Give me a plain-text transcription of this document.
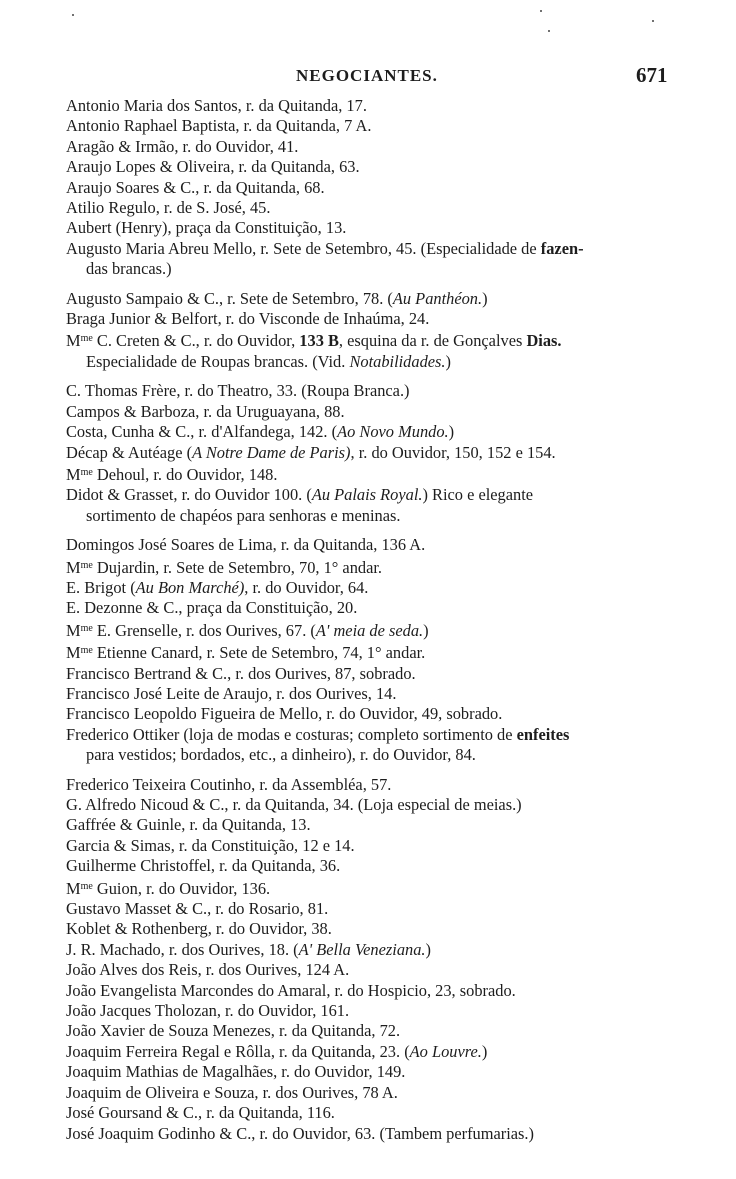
NEGOCIANTES.	671
Antonio Maria dos Santos, r. da Quitanda, 17.
Antonio Raphael Baptista, r. da Quitanda, 7 A.
Aragão & Irmão, r. do Ouvidor, 41.
Araujo Lopes & Oliveira, r. da Quitanda, 63.
Araujo Soares & C., r. da Quitanda, 68.
Atilio Regulo, r. de S. José, 45.
Aubert (Henry), praça da Constituição, 13.
Augusto Maria Abreu Mello, r. Sete de Setembro, 45. (Especialidade de fazen-
das brancas.)
Augusto Sampaio & C., r. Sete de Setembro, 78. (Au Panthéon.)
Braga Junior & Belfort, r. do Visconde de Inhaúma, 24.
$M^{me}$ C. Creten & C., r. do Ouvidor, 133 B, esquina da r. de Gonçalves Dias.
Especialidade de Roupas brancas. (Vid. Notabilidades.)
C. Thomas Frère, r. do Theatro, 33. (Roupa Branca.)
Campos & Barboza, r. da Uruguayana, 88.
Costa, Cunha & C., r. d'Alfandega, 142. (Ao Novo Mundo.)
Décap & Autéage (A Notre Dame de Paris), r. do Ouvidor, 150, 152 e 154.
$M^{me}$ Dehoul, r. do Ouvidor, 148.
Didot & Grasset, r. do Ouvidor 100. (Au Palais Royal.) Rico e elegante
sortimento de chapéos para senhoras e meninas.
Domingos José Soares de Lima, r. da Quitanda, 136 A.
$M^{me}$ Dujardin, r. Sete de Setembro, 70, 1° andar.
E. Brigot (Au Bon Marché), r. do Ouvidor, 64.
E. Dezonne & C., praça da Constituição, 20.
$M^{me}$ E. Grenselle, r. dos Ourives, 67. (A' meia de seda.)
$M^{me}$ Etienne Canard, r. Sete de Setembro, 74, 1° andar.
Francisco Bertrand & C., r. dos Ourives, 87, sobrado.
Francisco José Leite de Araujo, r. dos Ourives, 14.
Francisco Leopoldo Figueira de Mello, r. do Ouvidor, 49, sobrado.
Frederico Ottiker (loja de modas e costuras; completo sortimento de enfeites
para vestidos; bordados, etc., a dinheiro), r. do Ouvidor, 84.
Frederico Teixeira Coutinho, r. da Assembléa, 57.
G. Alfredo Nicoud & C., r. da Quitanda, 34. (Loja especial de meias.)
Gaffrée & Guinle, r. da Quitanda, 13.
Garcia & Simas, r. da Constituição, 12 e 14.
Guilherme Christoffel, r. da Quitanda, 36.
$M^{me}$ Guion, r. do Ouvidor, 136.
Gustavo Masset & C., r. do Rosario, 81.
Koblet & Rothenberg, r. do Ouvidor, 38.
J. R. Machado, r. dos Ourives, 18. (A' Bella Veneziana.)
João Alves dos Reis, r. dos Ourives, 124 A.
João Evangelista Marcondes do Amaral, r. do Hospicio, 23, sobrado.
João Jacques Tholozan, r. do Ouvidor, 161.
João Xavier de Souza Menezes, r. da Quitanda, 72.
Joaquim Ferreira Regal e Rôlla, r. da Quitanda, 23. (Ao Louvre.)
Joaquim Mathias de Magalhães, r. do Ouvidor, 149.
Joaquim de Oliveira e Souza, r. dos Ourives, 78 A.
José Goursand & C., r. da Quitanda, 116.
José Joaquim Godinho & C., r. do Ouvidor, 63. (Tambem perfumarias.)
